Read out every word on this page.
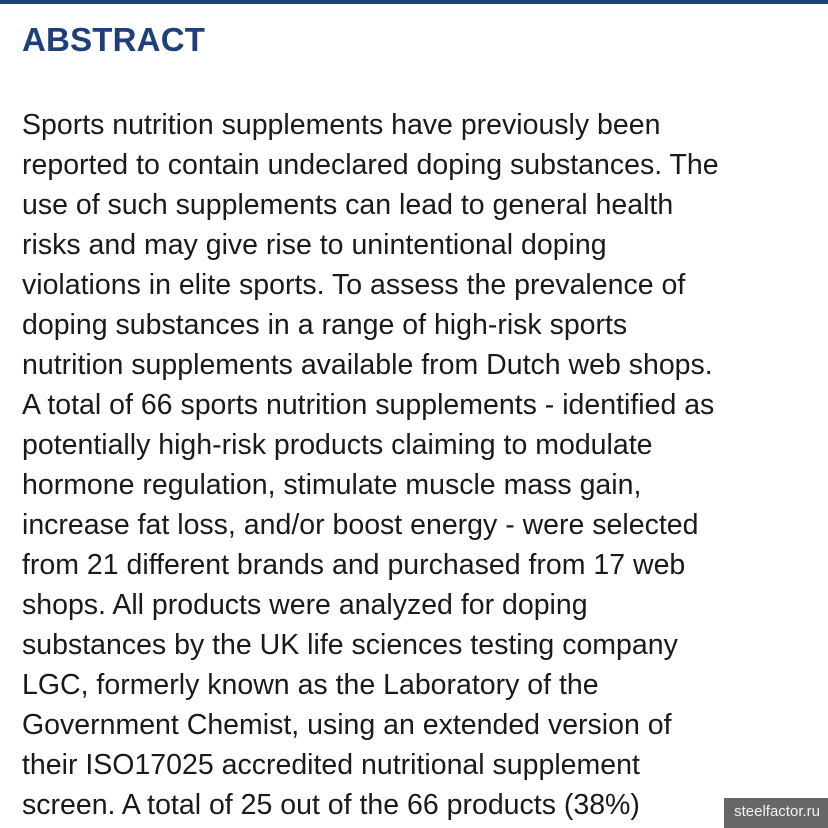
ABSTRACT
Sports nutrition supplements have previously been
reported to contain undeclared doping substances. The
use of such supplements can lead to general health
risks and may give rise to unintentional doping
violations in elite sports. To assess the prevalence of
doping substances in a range of high-risk sports
nutrition supplements available from Dutch web shops.
A total of 66 sports nutrition supplements - identified as
potentially high-risk products claiming to modulate
hormone regulation, stimulate muscle mass gain,
increase fat loss, and/or boost energy - were selected
from 21 different brands and purchased from 17 web
shops. All products were analyzed for doping
substances by the UK life sciences testing company
LGC, formerly known as the Laboratory of the
Government Chemist, using an extended version of
their ISO17025 accredited nutritional supplement
screen. A total of 25 out of the 66 products (38%)	steelfactor.ru
